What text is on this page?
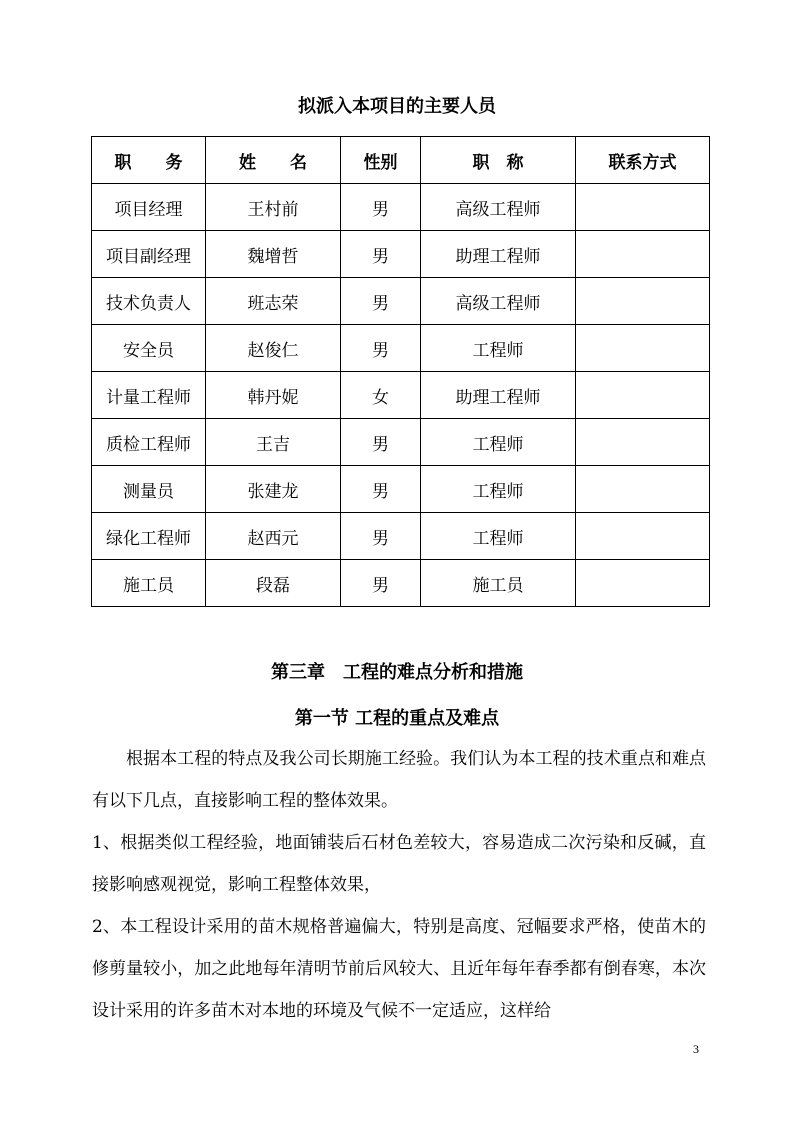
拟派入本项目的主要人员
职　　务	姓　　名	性别	职　称	联系方式
项目经理	王村前	男	高级工程师	
项目副经理	魏增哲	男	助理工程师	
技术负责人	班志荣	男	高级工程师	
安全员	赵俊仁	男	工程师	
计量工程师	韩丹妮	女	助理工程师	
质检工程师	王吉	男	工程师	
测量员	张建龙	男	工程师	
绿化工程师	赵西元	男	工程师	
施工员	段磊	男	施工员	
第三章　工程的难点分析和措施
第一节 工程的重点及难点

根据本工程的特点及我公司长期施工经验。我们认为本工程的技术重点和难点有以下几点，直接影响工程的整体效果。

1、根据类似工程经验，地面铺装后石材色差较大，容易造成二次污染和反碱，直接影响感观视觉，影响工程整体效果，

2、本工程设计采用的苗木规格普遍偏大，特别是高度、冠幅要求严格，使苗木的修剪量较小，加之此地每年清明节前后风较大、且近年每年春季都有倒春寒，本次设计采用的许多苗木对本地的环境及气候不一定适应，这样给

3
